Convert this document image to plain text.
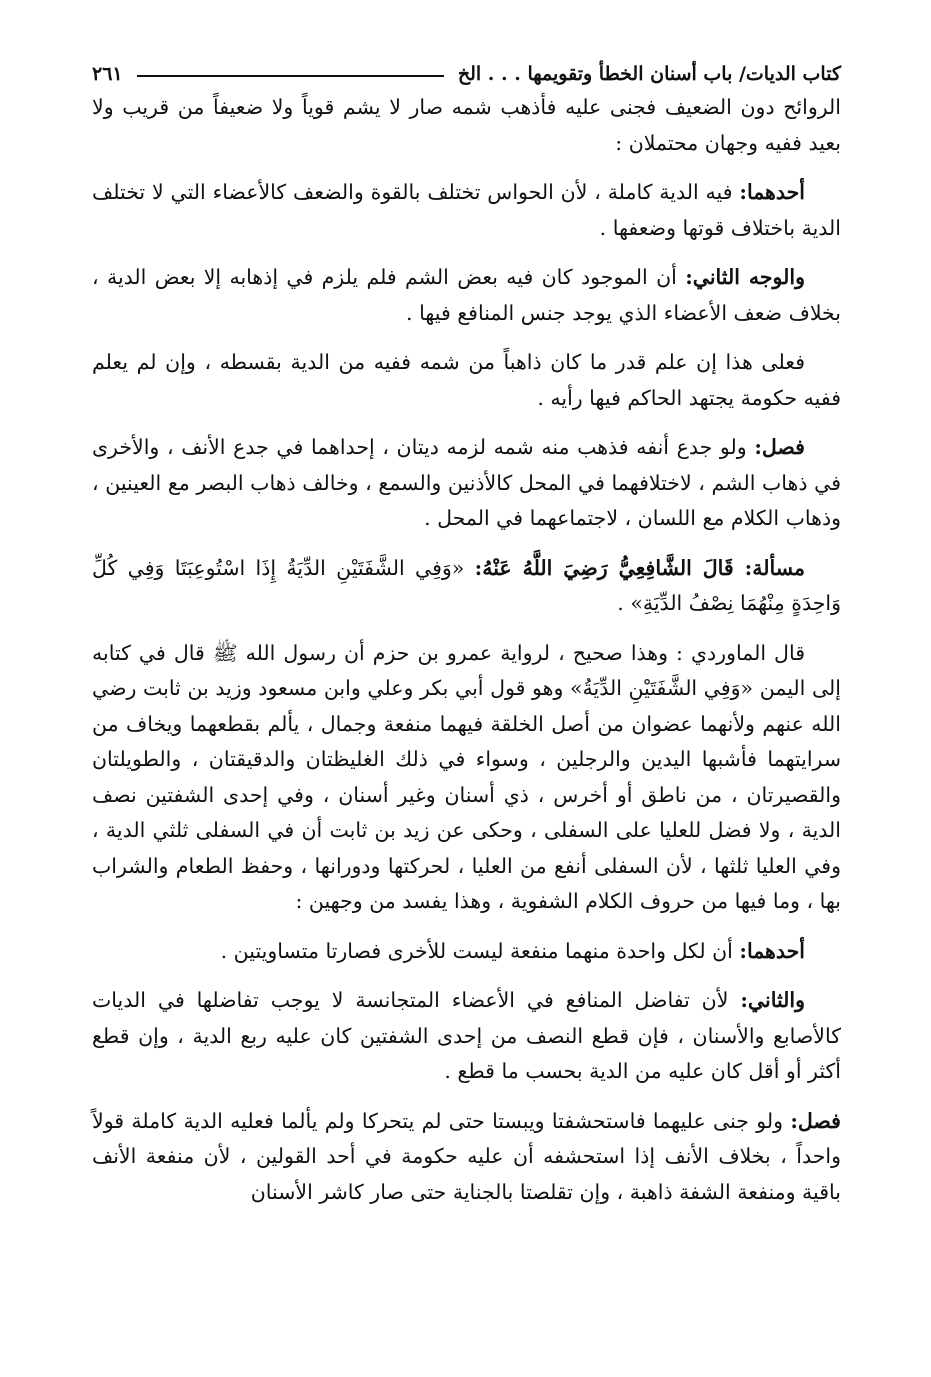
كتاب الديات/ باب أسنان الخطأ وتقويمها . . . الخ
٢٦١

الروائح دون الضعيف فجنى عليه فأذهب شمه صار لا يشم قوياً ولا ضعيفاً من قريب ولا بعيد ففيه وجهان محتملان :

أحدهما: فيه الدية كاملة ، لأن الحواس تختلف بالقوة والضعف كالأعضاء التي لا تختلف الدية باختلاف قوتها وضعفها .

والوجه الثاني: أن الموجود كان فيه بعض الشم فلم يلزم في إذهابه إلا بعض الدية ، بخلاف ضعف الأعضاء الذي يوجد جنس المنافع فيها .

فعلى هذا إن علم قدر ما كان ذاهباً من شمه ففيه من الدية بقسطه ، وإن لم يعلم ففيه حكومة يجتهد الحاكم فيها رأيه .

فصل: ولو جدع أنفه فذهب منه شمه لزمه ديتان ، إحداهما في جدع الأنف ، والأخرى في ذهاب الشم ، لاختلافهما في المحل كالأذنين والسمع ، وخالف ذهاب البصر مع العينين ، وذهاب الكلام مع اللسان ، لاجتماعهما في المحل .

مسألة: قَالَ الشَّافِعِيُّ رَضِيَ اللَّهُ عَنْهُ: «وَفِي الشَّفَتَيْنِ الدِّيَةُ إِذَا اسْتُوعِبَتَا وَفِي كُلِّ وَاحِدَةٍ مِنْهُمَا نِصْفُ الدِّيَةِ» .

قال الماوردي : وهذا صحيح ، لرواية عمرو بن حزم أن رسول الله ﷺ قال في كتابه إلى اليمن «وَفِي الشَّفَتَيْنِ الدِّيَةُ» وهو قول أبي بكر وعلي وابن مسعود وزيد بن ثابت رضي الله عنهم ولأنهما عضوان من أصل الخلقة فيهما منفعة وجمال ، يألم بقطعهما ويخاف من سرايتهما فأشبها اليدين والرجلين ، وسواء في ذلك الغليظتان والدقيقتان ، والطويلتان والقصيرتان ، من ناطق أو أخرس ، ذي أسنان وغير أسنان ، وفي إحدى الشفتين نصف الدية ، ولا فضل للعليا على السفلى ، وحكى عن زيد بن ثابت أن في السفلى ثلثي الدية ، وفي العليا ثلثها ، لأن السفلى أنفع من العليا ، لحركتها ودورانها ، وحفظ الطعام والشراب بها ، وما فيها من حروف الكلام الشفوية ، وهذا يفسد من وجهين :

أحدهما: أن لكل واحدة منهما منفعة ليست للأخرى فصارتا متساويتين .

والثاني: لأن تفاضل المنافع في الأعضاء المتجانسة لا يوجب تفاضلها في الديات كالأصابع والأسنان ، فإن قطع النصف من إحدى الشفتين كان عليه ربع الدية ، وإن قطع أكثر أو أقل كان عليه من الدية بحسب ما قطع .

فصل: ولو جنى عليهما فاستحشفتا ويبستا حتى لم يتحركا ولم يألما فعليه الدية كاملة قولاً واحداً ، بخلاف الأنف إذا استحشفه أن عليه حكومة في أحد القولين ، لأن منفعة الأنف باقية ومنفعة الشفة ذاهبة ، وإن تقلصتا بالجناية حتى صار كاشر الأسنان
